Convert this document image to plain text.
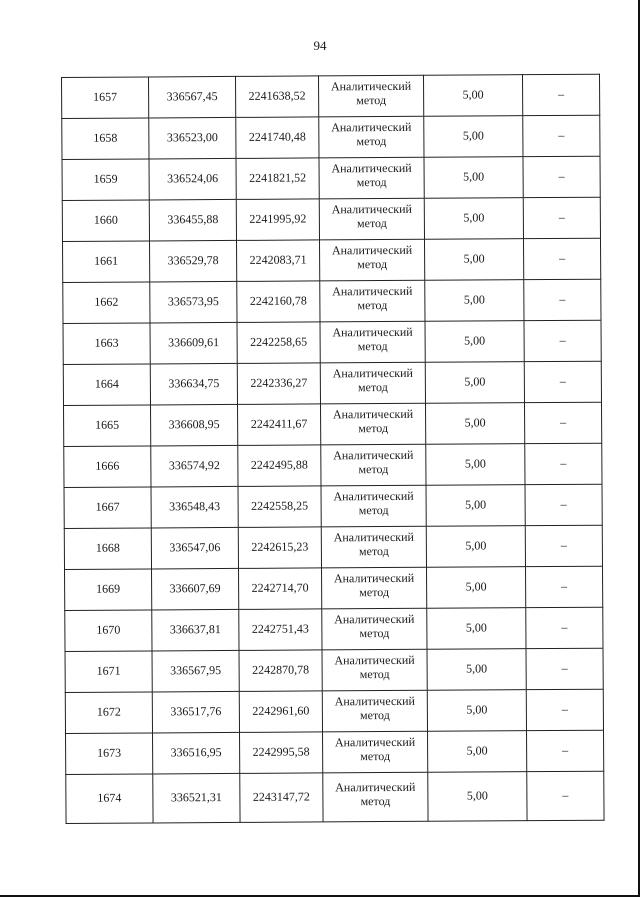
94
1657	336567,45	2241638,52	Аналитический метод	5,00	–
1658	336523,00	2241740,48	Аналитический метод	5,00	–
1659	336524,06	2241821,52	Аналитический метод	5,00	–
1660	336455,88	2241995,92	Аналитический метод	5,00	–
1661	336529,78	2242083,71	Аналитический метод	5,00	–
1662	336573,95	2242160,78	Аналитический метод	5,00	–
1663	336609,61	2242258,65	Аналитический метод	5,00	–
1664	336634,75	2242336,27	Аналитический метод	5,00	–
1665	336608,95	2242411,67	Аналитический метод	5,00	–
1666	336574,92	2242495,88	Аналитический метод	5,00	–
1667	336548,43	2242558,25	Аналитический метод	5,00	–
1668	336547,06	2242615,23	Аналитический метод	5,00	–
1669	336607,69	2242714,70	Аналитический метод	5,00	–
1670	336637,81	2242751,43	Аналитический метод	5,00	–
1671	336567,95	2242870,78	Аналитический метод	5,00	–
1672	336517,76	2242961,60	Аналитический метод	5,00	–
1673	336516,95	2242995,58	Аналитический метод	5,00	–
1674	336521,31	2243147,72	Аналитический метод	5,00	–
